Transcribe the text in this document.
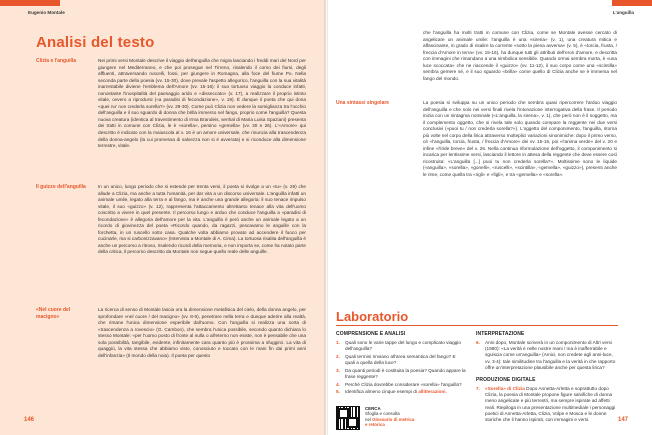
Eugenio Montale
Analisi del testo
Clizia e l'anguilla	Nei primi versi Montale descrive il viaggio dell'anguilla che migra lasciando i freddi mari del Nord per giungere nel Mediterraneo, e che poi prosegue nel Tirreno, risalendo il corso dei fiumi, degli affluenti, attraversando ruscelli, fossi, per giungere in Romagna, alla foce del fiume Po. Nella seconda parte della poesia (vv. 15-30), dove prevale l'aspetto allegorico, l'anguilla con la sua vitalità inarrestabile diviene l'emblema dell'Amore (vv. 15-16): il suo tortuoso viaggio la conduce infatti, nonostante l'inospitalità del paesaggio arido e «disseccato» (v. 17), a realizzare il proprio istinto vitale, ovvero a riprodursi («a paradisi di fecondazione», v. 19). È dunque il poeta che qui dona «quei nu' non crederla sorella?» (vv. 29-30). Come può Clizia non vedere la somiglianza tra l'occhio dell'anguilla e il suo sguardo di donna che brilla immerso nel fango, proprio come l'anguilla? Questa nuova creatura (identica al travestimento di Irma Brandeis, senhal di Maria Luisa Spaziani) presenta dei tratti in comune con Clizia, le è «sorella», persino «gemella» (vv. 30 e 26). L'«Amore» qui descritto è indicato con la maiuscola al v. 16 è un amore universale, che rinuncia alla trascendenza della donna-angelo (la cui promessa di salvezza non si è avverata) e si riconduce alla dimensione terrestre, vitale.
Il guizzo dell'anguilla	In un unico, lungo periodo che si estende per trenta versi, il poeta si rivolge a un «tu» (v. 29) che allude a Clizia, ma anche a tutta l'umanità, per dar vita a un discorso universale. L'anguilla infatti un animale umile, legato alla terra e al fango, ma è anche una grande allegoria: il suo tenace impulso vitale, il suo «guizzo» (v. 12), rappresenta l'attaccamento altrettanto tenace alla vita dell'uomo coscritto a vivere in quel presente. Il percorso lungo e arduo che conduce l'anguilla a «paradisi di fecondazione» è allegoria dell'amore per la vita. L'anguilla è però anche un animale legato a un ricordo di giovinezza del poeta «Ricordo quando, da ragazzi, pescavamo le anguille con la forchetta, in un ruscello sotto casa. Qualche volta abbiamo provato ad accendere il fuoco per cucinarle, ma si carbonizzavano» (Intervista a Montale di A. Cima). La tortuosa risalita dell'anguilla è anche un percorso a ritroso, risalendo ricordi della memoria, e non importa se, come ha notato parte della critica, il percorso descritto da Montale non segue quello reale delle anguille.
«Nel cuore del macigno»
La ricerca di senso di Montale lascia ora la dimensione metafisica del cielo, della donna angelo, per sprofondare «nel cuore / del macigno» (vv. 8-9), penetrare nella terra e dunque aderire alla realtà, che rimane l'unica dimensione esperibile dall'uomo. Con l'anguilla si realizza una sorta di «trascendenza a rovescio» (G. Cambon), che sembra l'unica possibile, secondo quanto dichiara lo stesso Montale: «per l'uomo posto di fronte al nulla o all'eterno non esiste, non è pensabile che una sola possibilità, tangibile, evidente, infinitamente cara quanto più è prossima a sfuggirci. La vita di quaggiù, la vita stessa che abbiamo visto, conosciuto e toccato con le mani fin dai primi anni dell'infanzia» (Il mondo della noia). Il poeta per questo
146
L'anguilla
che l'anguilla ha molti tratti in comune con Clizia, come se Montale avesse cercato di angelicare un animale umile: l'anguilla è una «sirena» (v. 1), una creatura mitica e affascinante, in grado di risalire la corrente «sotto la piena avversa» (v. 5), è «torcia, frusta, / freccia d'Amore in terra» (vv. 15-16), ha dunque tutti gli attributi dell'eros d'amore, e descritta con immagini che rimandano a una simbolica sensibile. Quando ormai sembra morta, è «una luce scoccata» che ne riaccende il «guizzo» (vv. 11-12), il suo corpo come una «scintilla» sembra gemere sé, e il suo sguardo «brilla» come quello di Clizia anche se è immersa nel fango del mondo.
Una sintassi singolare	La poesia si sviluppa su un unico periodo che sembra quasi ripercorrere l'arduo viaggio dell'anguilla e che solo nei versi finali rivela l'intonazione interrogativa della frase. Il periodo inizia con un sintagma nominale («L'anguilla, la sirena», v. 1), che però non è il soggetto, ma il complemento oggetto, che si rivela tale solo quando compare la reggente nei due versi conclusivi («puoi tu / non crederla sorella?»). L'oggetto del componimento, l'anguilla, ritorna più volte nel corpo della lirica attraverso molteplici variazioni sinonimiche: dopo il primo verso, cè «l'anguilla, torcia, frusta, / freccia d'Amore» dei vv. 15-16, poi «l'anima verde» del v. 20 e infine «l'iride breve» del v. 26. Nella continua riformulazione dell'oggetto, il componimento si incarica per lentissime versi, lasciando il lettore in attesa della reggente che deve essere così ricostruita: «L'anguilla [...] puoi tu non crederla sorella?». Moltissime sono le liquide («anguilla», «sorella», «gonelli», «ruscelli», «scintilla», «gemella», «guizzo»), presenti anche le rime, come quella tra «rigli» e «figli», e tra «gemella» e «sorella».
Laboratorio
COMPRENSIONE E ANALISI
1.	Quali sono le varie tappe del lungo e complicato viaggio dell'anguilla?
2.	Quali termini rinviano all'area semantica del fango? E quali a quella della luce?
3.	Da quanti periodi è costituita la poesia? Quando appare la frase reggente?
4.	Perché Clizia dovrebbe considerare «sorella» l'anguilla?
5.	Identifica almeno cinque esempi di allitterazioni.
CERCA
Sfoglia e consulta
nel Glossario di metrica e retorica
INTERPRETAZIONE
6.	Anni dopo, Montale scriverà in un componimento di Altri versi (1980): «La verità è nelle nostre mani / ma è inafferrabile e sguiscia come un'anguilla» (Amici, non credete agli anni-luce, vv. 3-4): tale similitudine tra l'anguilla e la verità in che rapporto offre un'interpretazione plausibile anche per questa lirica?
PRODUZIONE DIGITALE
7.	«Sorella» di Clizia Dopo Annetta-Arletta e soprattutto dopo Clizia, la poesia di Montale propone figure salvifiche di donna meno angelicate e più terrestri, ma sempre ispirate ad affetti reali. Riepiloga in una presentazione multimediale i personaggi poetici di Annetta-Arletta, Clizia, Volpe e Mosca e le donne storiche che li hanno ispirati, con immagini e versi.	147
